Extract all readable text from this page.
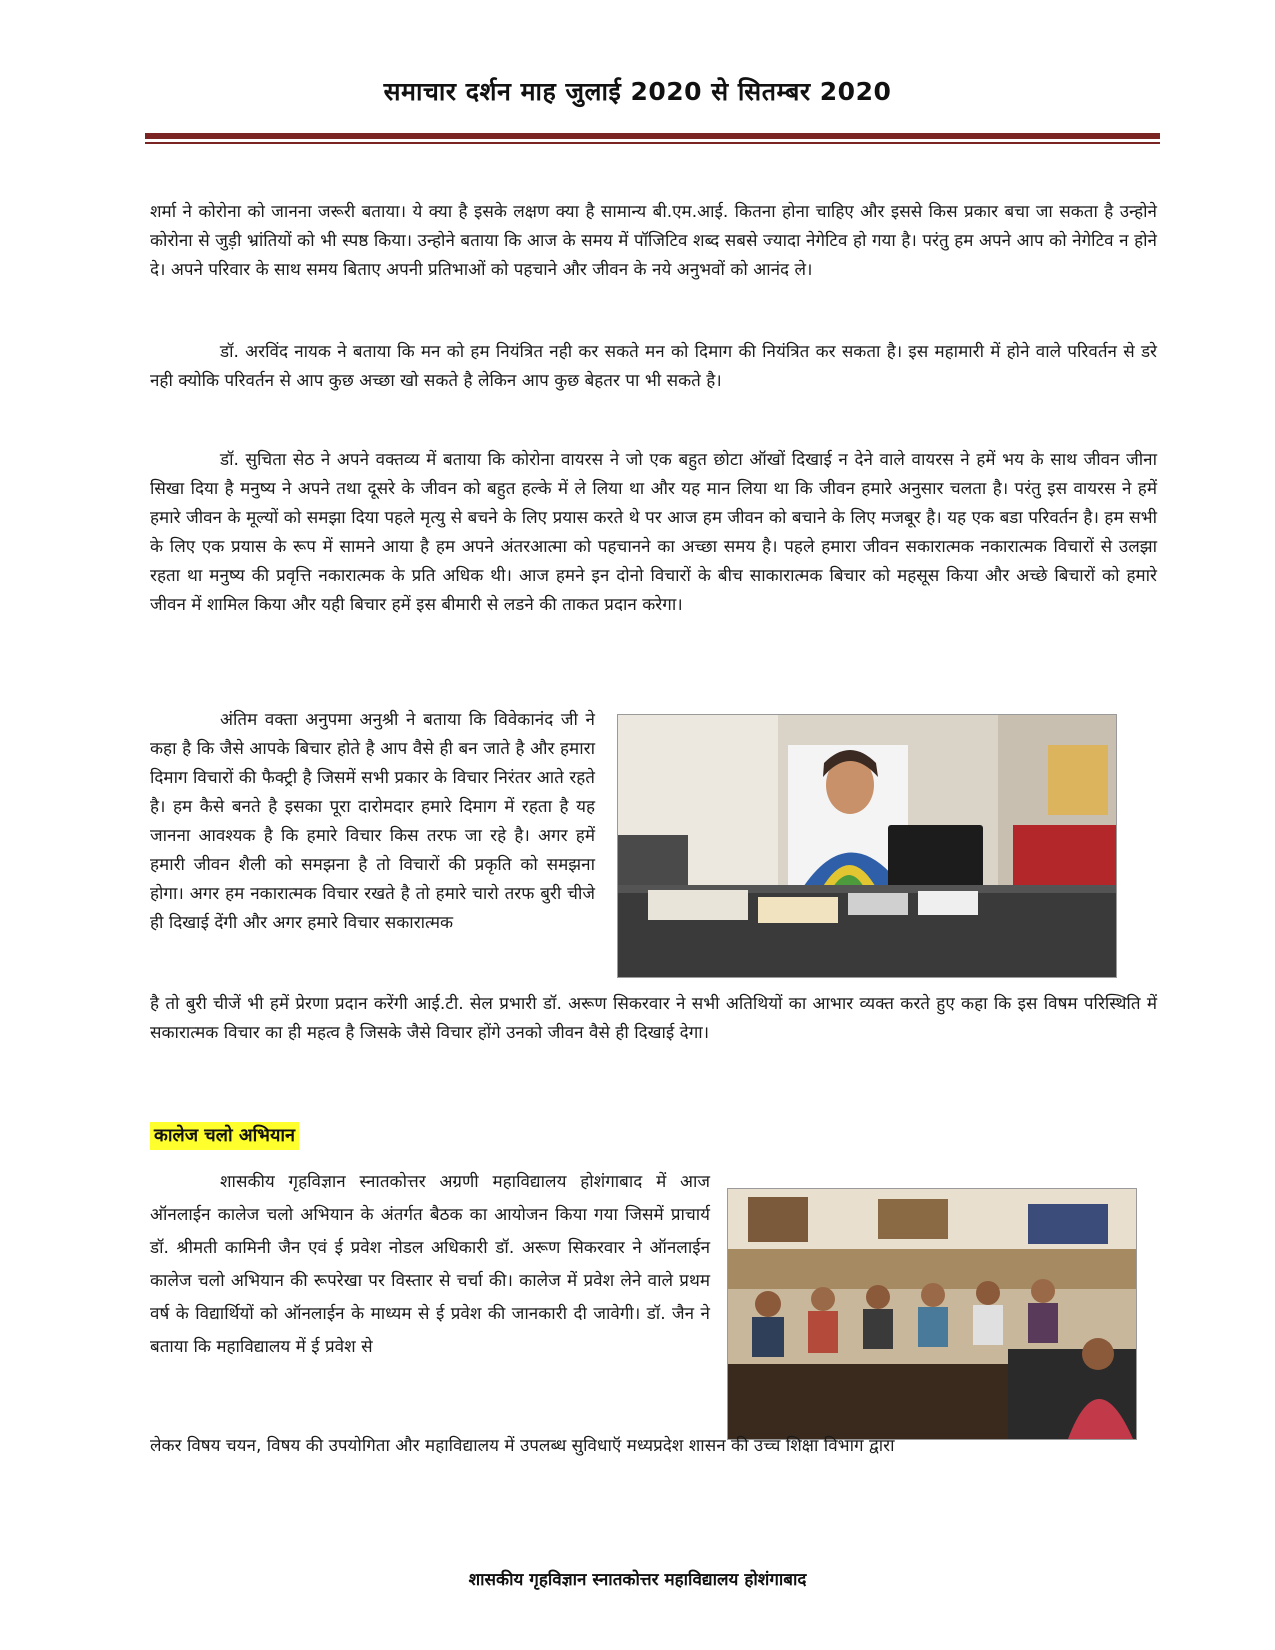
समाचार दर्शन माह जुलाई 2020 से सितम्बर 2020

शर्मा ने कोरोना को जानना जरूरी बताया। ये क्या है इसके लक्षण क्या है सामान्य बी.एम.आई. कितना होना चाहिए और इससे किस प्रकार बचा जा सकता है उन्होने कोरोना से जुड़ी भ्रांतियों को भी स्पष्ठ किया। उन्होने बताया कि आज के समय में पॉजिटिव शब्द सबसे ज्यादा नेगेटिव हो गया है। परंतु हम अपने आप को नेगेटिव न होने दे। अपने परिवार के साथ समय बिताए अपनी प्रतिभाओं को पहचाने और जीवन के नये अनुभवों को आनंद ले।

डॉ. अरविंद नायक ने बताया कि मन को हम नियंत्रित नही कर सकते मन को दिमाग की नियंत्रित कर सकता है। इस महामारी में होने वाले परिवर्तन से डरे नही क्योकि परिवर्तन से आप कुछ अच्छा खो सकते है लेकिन आप कुछ बेहतर पा भी सकते है।

डॉ. सुचिता सेठ ने अपने वक्तव्य में बताया कि कोरोना वायरस ने जो एक बहुत छोटा ऑखों दिखाई न देने वाले वायरस ने हमें भय के साथ जीवन जीना सिखा दिया है मनुष्य ने अपने तथा दूसरे के जीवन को बहुत हल्के में ले लिया था और यह मान लिया था कि जीवन हमारे अनुसार चलता है। परंतु इस वायरस ने हमें हमारे जीवन के मूल्यों को समझा दिया पहले मृत्यु से बचने के लिए प्रयास करते थे पर आज हम जीवन को बचाने के लिए मजबूर है। यह एक बडा परिवर्तन है। हम सभी के लिए एक प्रयास के रूप में सामने आया है हम अपने अंतरआत्मा को पहचानने का अच्छा समय है। पहले हमारा जीवन सकारात्मक नकारात्मक विचारों से उलझा रहता था मनुष्य की प्रवृत्ति नकारात्मक के प्रति अधिक थी। आज हमने इन दोनो विचारों के बीच साकारात्मक बिचार को महसूस किया और अच्छे बिचारों को हमारे जीवन में शामिल किया और यही बिचार हमें इस बीमारी से लडने की ताकत प्रदान करेगा।

अंतिम वक्ता अनुपमा अनुश्री ने बताया कि विवेकानंद जी ने कहा है कि जैसे आपके बिचार होते है आप वैसे ही बन जाते है और हमारा दिमाग विचारों की फैक्ट्री है जिसमें सभी प्रकार के विचार निरंतर आते रहते है। हम कैसे बनते है इसका पूरा दारोमदार हमारे दिमाग में रहता है यह जानना आवश्यक है कि हमारे विचार किस तरफ जा रहे है। अगर हमें हमारी जीवन शैली को समझना है तो विचारों की प्रकृति को समझना होगा। अगर हम नकारात्मक विचार रखते है तो हमारे चारो तरफ बुरी चीजे ही दिखाई देंगी और अगर हमारे विचार सकारात्मक

है तो बुरी चीजें भी हमें प्रेरणा प्रदान करेंगी आई.टी. सेल प्रभारी डॉ. अरूण सिकरवार ने सभी अतिथियों का आभार व्यक्त करते हुए कहा कि इस विषम परिस्थिति में सकारात्मक विचार का ही महत्व है जिसके जैसे विचार होंगे उनको जीवन वैसे ही दिखाई देगा।

कालेज चलो अभियान

शासकीय गृहविज्ञान स्नातकोत्तर अग्रणी महाविद्यालय होशंगाबाद में आज ऑनलाईन कालेज चलो अभियान के अंतर्गत बैठक का आयोजन किया गया जिसमें प्राचार्य डॉ. श्रीमती कामिनी जैन एवं ई प्रवेश नोडल अधिकारी डॉ. अरूण सिकरवार ने ऑनलाईन कालेज चलो अभियान की रूपरेखा पर विस्तार से चर्चा की। कालेज में प्रवेश लेने वाले प्रथम वर्ष के विद्यार्थियों को ऑनलाईन के माध्यम से ई प्रवेश की जानकारी दी जावेगी। डॉ. जैन ने बताया कि महाविद्यालय में ई प्रवेश से

लेकर विषय चयन, विषय की उपयोगिता और महाविद्यालय में उपलब्ध सुविधाऍ मध्यप्रदेश शासन की उच्च शिक्षा विभाग द्वारा

शासकीय गृहविज्ञान स्नातकोत्तर महाविद्यालय होशंगाबाद
